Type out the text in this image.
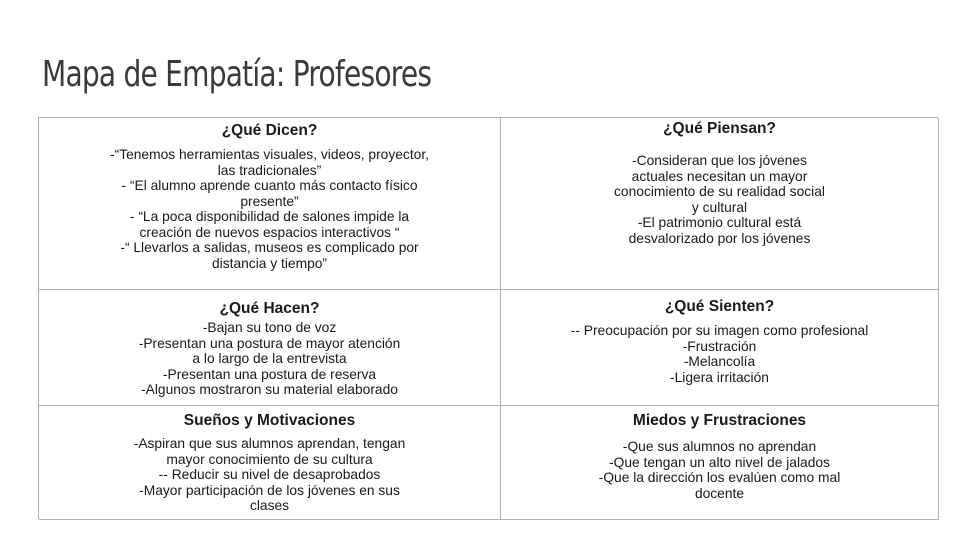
Mapa de Empatía: Profesores
¿Qué Dicen?

-“Tenemos herramientas visuales, videos, proyector,

las tradicionales”

- “El alumno aprende cuanto más contacto físico

presente”

- “La poca disponibilidad de salones impide la

creación de nuevos espacios interactivos “

-“ Llevarlos a salidas, museos es complicado por

distancia y tiempo”

¿Qué Piensan?

-Consideran que los jóvenes

actuales necesitan un mayor

conocimiento de su realidad social

y cultural

-El patrimonio cultural está

desvalorizado por los jóvenes

¿Qué Hacen?

-Bajan su tono de voz

-Presentan una postura de mayor atención

a lo largo de la entrevista

-Presentan una postura de reserva

-Algunos mostraron su material elaborado

¿Qué Sienten?

-- Preocupación por su imagen como profesional

-Frustración

-Melancolía

-Ligera irritación

Sueños y Motivaciones

-Aspiran que sus alumnos aprendan, tengan

mayor conocimiento de su cultura

-- Reducir su nivel de desaprobados

-Mayor participación de los jóvenes en sus

clases

Miedos y Frustraciones

-Que sus alumnos no aprendan

-Que tengan un alto nivel de jalados

-Que la dirección los evalúen como mal

docente
